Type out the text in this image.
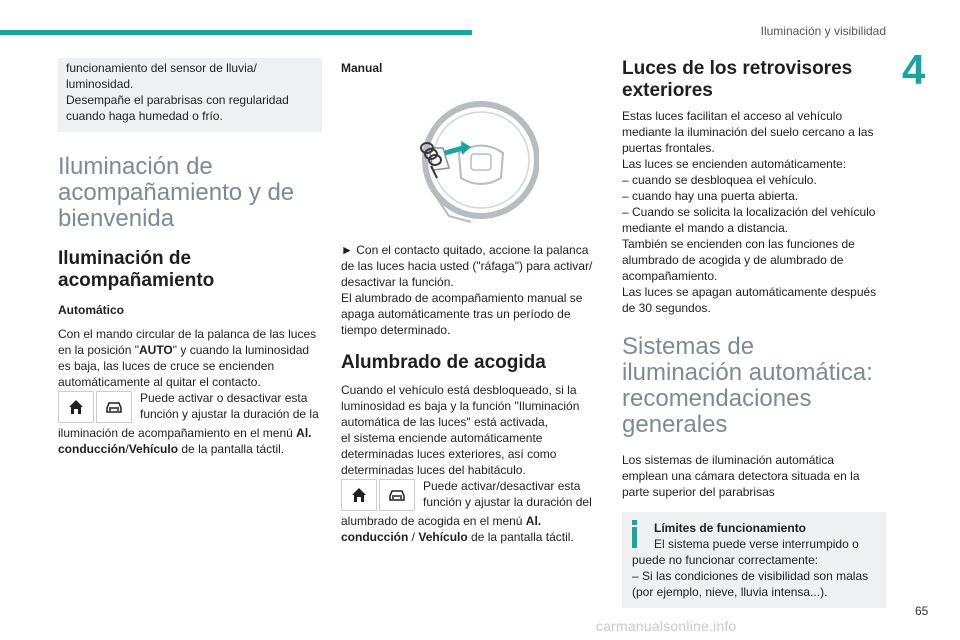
Iluminación y visibilidad
4

funcionamiento del sensor de lluvia/

luminosidad.

Desempañe el parabrisas con regularidad

cuando haga humedad o frío.

Iluminación de

acompañamiento y de

bienvenida

Iluminación de

acompañamiento

Automático

Con el mando circular de la palanca de las luces

en la posición "AUTO" y cuando la luminosidad

es baja, las luces de cruce se encienden

automáticamente al quitar el contacto.

Puede activar o desactivar esta

función y ajustar la duración de la

iluminación de acompañamiento en el menú Al.

conducción/Vehículo de la pantalla táctil.

Manual

► Con el contacto quitado, accione la palanca

de las luces hacia usted ("ráfaga") para activar/

desactivar la función.

El alumbrado de acompañamiento manual se

apaga automáticamente tras un período de

tiempo determinado.

Alumbrado de acogida

Cuando el vehículo está desbloqueado, si la

luminosidad es baja y la función "Iluminación

automática de las luces" está activada,

el sistema enciende automáticamente

determinadas luces exteriores, así como

determinadas luces del habitáculo.

Puede activar/desactivar esta

función y ajustar la duración del

alumbrado de acogida en el menú Al.

conducción / Vehículo de la pantalla táctil.

Luces de los retrovisores

exteriores

Estas luces facilitan el acceso al vehículo

mediante la iluminación del suelo cercano a las

puertas frontales.

Las luces se encienden automáticamente:

– cuando se desbloquea el vehículo.

– cuando hay una puerta abierta.

– Cuando se solicita la localización del vehículo

mediante el mando a distancia.

También se encienden con las funciones de

alumbrado de acogida y de alumbrado de

acompañamiento.

Las luces se apagan automáticamente después

de 30 segundos.

Sistemas de

iluminación automática:

recomendaciones

generales

Los sistemas de iluminación automática

emplean una cámara detectora situada en la

parte superior del parabrisas

Límites de funcionamiento

El sistema puede verse interrumpido o

puede no funcionar correctamente:

– Si las condiciones de visibilidad son malas

(por ejemplo, nieve, lluvia intensa...).

65
carmanualsonline.info
